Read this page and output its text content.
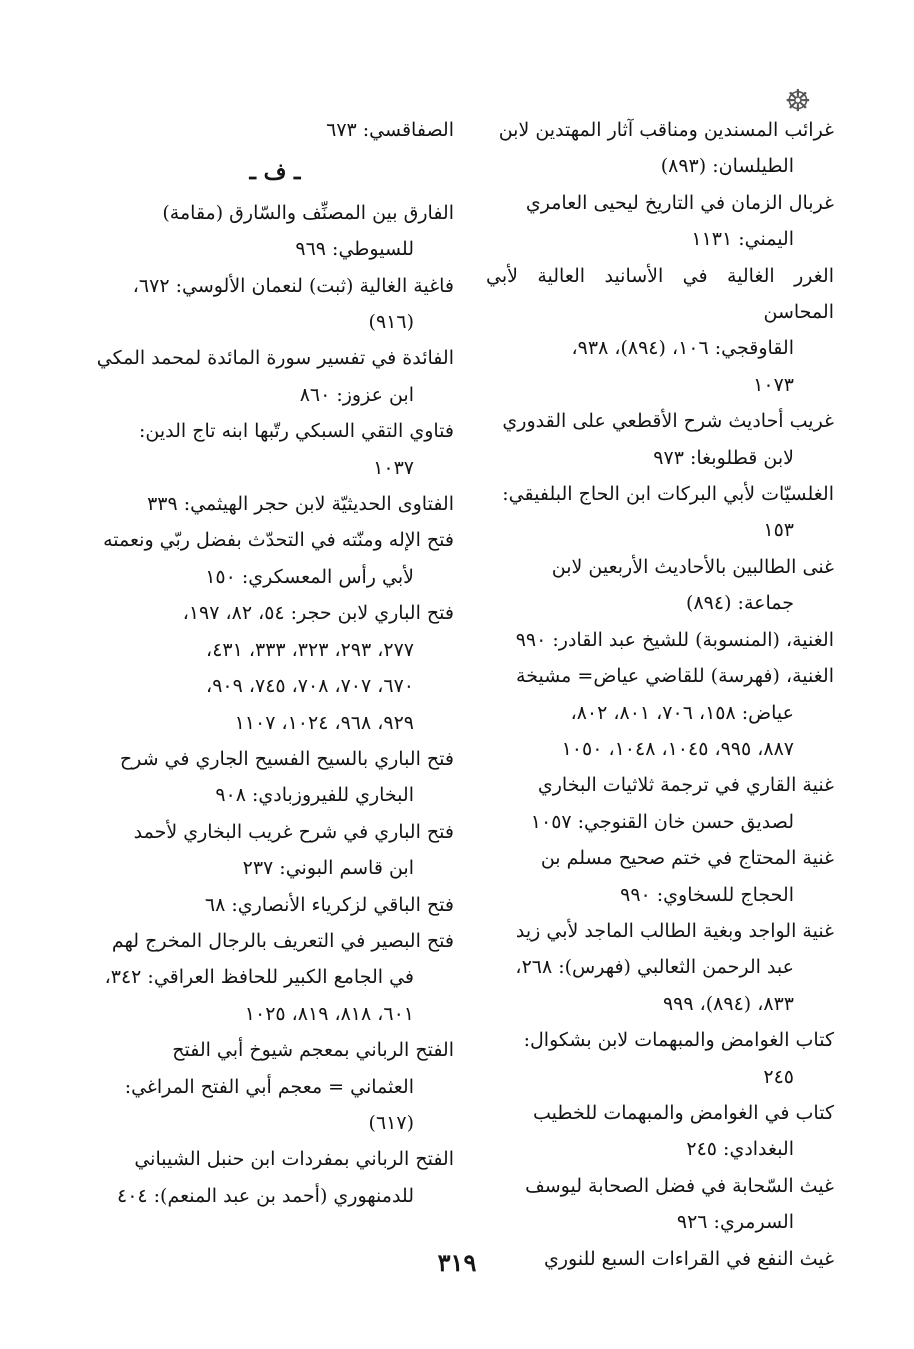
☸
غرائب المسندين ومناقب آثار المهتدين لابن
الطيلسان: (٨٩٣)
غربال الزمان في التاريخ ليحيى العامري
اليمني: ١١٣١
الغرر الغالية في الأسانيد العالية لأبي المحاسن
القاوقجي: ١٠٦، (٨٩٤)، ٩٣٨،
١٠٧٣
غريب أحاديث شرح الأقطعي على القدوري
لابن قطلوبغا: ٩٧٣
الغلسيّات لأبي البركات ابن الحاج البلفيقي:
١٥٣
غنى الطالبين بالأحاديث الأربعين لابن
جماعة: (٨٩٤)
الغنية، (المنسوبة) للشيخ عبد القادر: ٩٩٠
الغنية، (فهرسة) للقاضي عياض= مشيخة
عياض: ١٥٨، ٧٠٦، ٨٠١، ٨٠٢،
٨٨٧، ٩٩٥، ١٠٤٥، ١٠٤٨، ١٠٥٠
غنية القاري في ترجمة ثلاثيات البخاري
لصديق حسن خان القنوجي: ١٠٥٧
غنية المحتاج في ختم صحيح مسلم بن
الحجاج للسخاوي: ٩٩٠
غنية الواجد وبغية الطالب الماجد لأبي زيد
عبد الرحمن الثعالبي (فهرس): ٢٦٨،
٨٣٣، (٨٩٤)، ٩٩٩
كتاب الغوامض والمبهمات لابن بشكوال:
٢٤٥
كتاب في الغوامض والمبهمات للخطيب
البغدادي: ٢٤٥
غيث السّحابة في فضل الصحابة ليوسف
السرمري: ٩٢٦
غيث النفع في القراءات السبع للنوري
الصفاقسي: ٦٧٣
ـ ف ـ
الفارق بين المصنِّف والسّارق (مقامة)
للسيوطي: ٩٦٩
فاغية الغالية (ثبت) لنعمان الألوسي: ٦٧٢،
(٩١٦)
الفائدة في تفسير سورة المائدة لمحمد المكي
ابن عزوز: ٨٦٠
فتاوي التقي السبكي رتّبها ابنه تاج الدين:
١٠٣٧
الفتاوى الحديثيّة لابن حجر الهيثمي: ٣٣٩
فتح الإله ومنّته في التحدّث بفضل ربّي ونعمته
لأبي رأس المعسكري: ١٥٠
فتح الباري لابن حجر: ٥٤، ٨٢، ١٩٧،
٢٧٧، ٢٩٣، ٣٢٣، ٣٣٣، ٤٣١،
٦٧٠، ٧٠٧، ٧٠٨، ٧٤٥، ٩٠٩،
٩٢٩، ٩٦٨، ١٠٢٤، ١١٠٧
فتح الباري بالسيح الفسيح الجاري في شرح
البخاري للفيروزبادي: ٩٠٨
فتح الباري في شرح غريب البخاري لأحمد
ابن قاسم البوني: ٢٣٧
فتح الباقي لزكرياء الأنصاري: ٦٨
فتح البصير في التعريف بالرجال المخرج لهم
في الجامع الكبير للحافظ العراقي: ٣٤٢،
٦٠١، ٨١٨، ٨١٩، ١٠٢٥
الفتح الرباني بمعجم شيوخ أبي الفتح
العثماني = معجم أبي الفتح المراغي:
(٦١٧)
الفتح الرباني بمفردات ابن حنبل الشيباني
للدمنهوري (أحمد بن عبد المنعم): ٤٠٤
٣١٩
